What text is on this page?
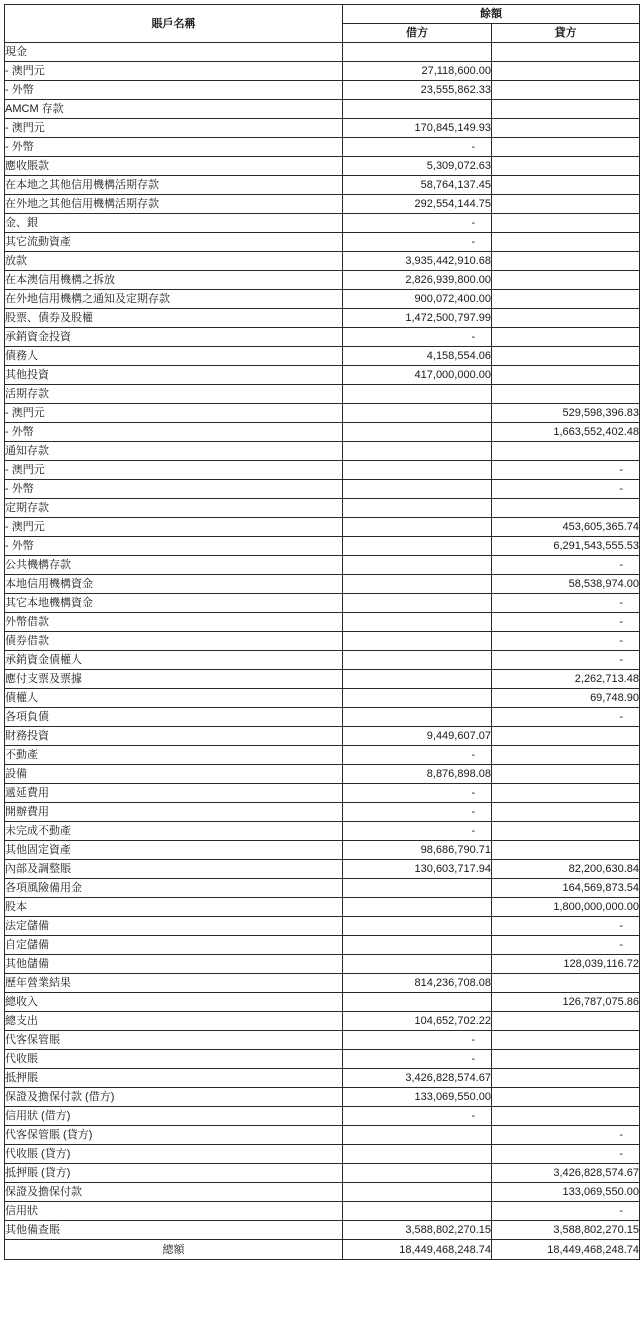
賬戶名稱	餘額	
	借方	貸方
現金		
- 澳門元	27,118,600.00	
- 外幣	23,555,862.33	
AMCM 存款		
- 澳門元	170,845,149.93	
- 外幣	-	
應收賬款	5,309,072.63	
在本地之其他信用機構活期存款	58,764,137.45	
在外地之其他信用機構活期存款	292,554,144.75	
金、銀	-	
其它流動資產	-	
放款	3,935,442,910.68	
在本澳信用機構之拆放	2,826,939,800.00	
在外地信用機構之通知及定期存款	900,072,400.00	
股票、債券及股權	1,472,500,797.99	
承銷資金投資	-	
債務人	4,158,554.06	
其他投資	417,000,000.00	
活期存款		
- 澳門元		529,598,396.83
- 外幣		1,663,552,402.48
通知存款		
- 澳門元		-
- 外幣		-
定期存款		
- 澳門元		453,605,365.74
- 外幣		6,291,543,555.53
公共機構存款		-
本地信用機構資金		58,538,974.00
其它本地機構資金		-
外幣借款		-
債券借款		-
承銷資金債權人		-
應付支票及票據		2,262,713.48
債權人		69,748.90
各項負債		-
財務投資	9,449,607.07	
不動產	-	
設備	8,876,898.08	
遞延費用	-	
開辦費用	-	
未完成不動產	-	
其他固定資產	98,686,790.71	
內部及調整賬	130,603,717.94	82,200,630.84
各項風險備用金		164,569,873.54
股本		1,800,000,000.00
法定儲備		-
自定儲備		-
其他儲備		128,039,116.72
歷年營業結果	814,236,708.08	
總收入		126,787,075.86
總支出	104,652,702.22	
代客保管賬	-	
代收賬	-	
抵押賬	3,426,828,574.67	
保證及擔保付款 (借方)	133,069,550.00	
信用狀 (借方)	-	
代客保管賬 (貸方)		-
代收賬 (貸方)		-
抵押賬 (貸方)		3,426,828,574.67
保證及擔保付款		133,069,550.00
信用狀		-
其他備查賬	3,588,802,270.15	3,588,802,270.15
總額	18,449,468,248.74	18,449,468,248.74
